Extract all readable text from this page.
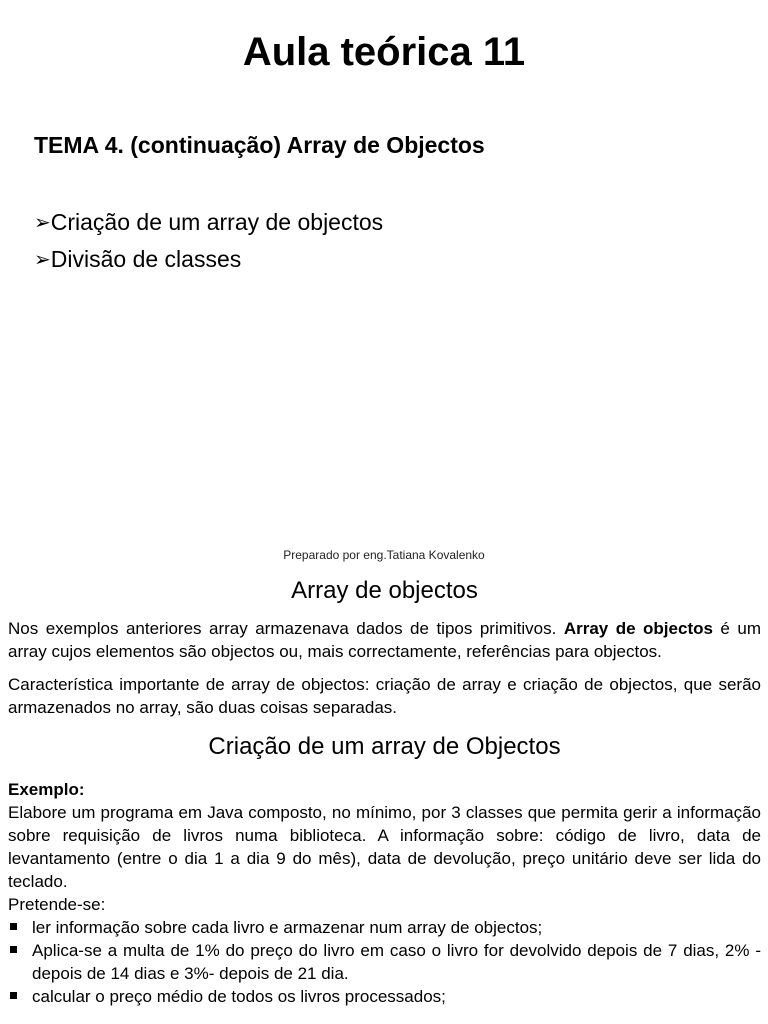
Aula teórica 11
TEMA 4. (continuação) Array de Objectos
➢Criação de um array de objectos
➢Divisão de classes
Preparado por eng.Tatiana Kovalenko
Array de objectos

Nos exemplos anteriores array armazenava dados de tipos primitivos. Array de objectos é um array cujos elementos são objectos ou, mais correctamente, referências para objectos.

Característica importante de array de objectos: criação de array e criação de objectos, que serão armazenados no array, são duas coisas separadas.

Criação de um array de Objectos

Exemplo:

Elabore um programa em Java composto, no mínimo, por 3 classes que permita gerir a informação sobre requisição de livros numa biblioteca. A informação sobre: código de livro, data de levantamento (entre o dia 1 a dia 9 do mês), data de devolução, preço unitário deve ser lida do teclado.

Pretende-se:

ler informação sobre cada livro e armazenar num array de objectos;
Aplica-se a multa de 1% do preço do livro em caso o livro for devolvido depois de 7 dias, 2% - depois de 14 dias e 3%- depois de 21 dia.
calcular o preço médio de todos os livros processados;
